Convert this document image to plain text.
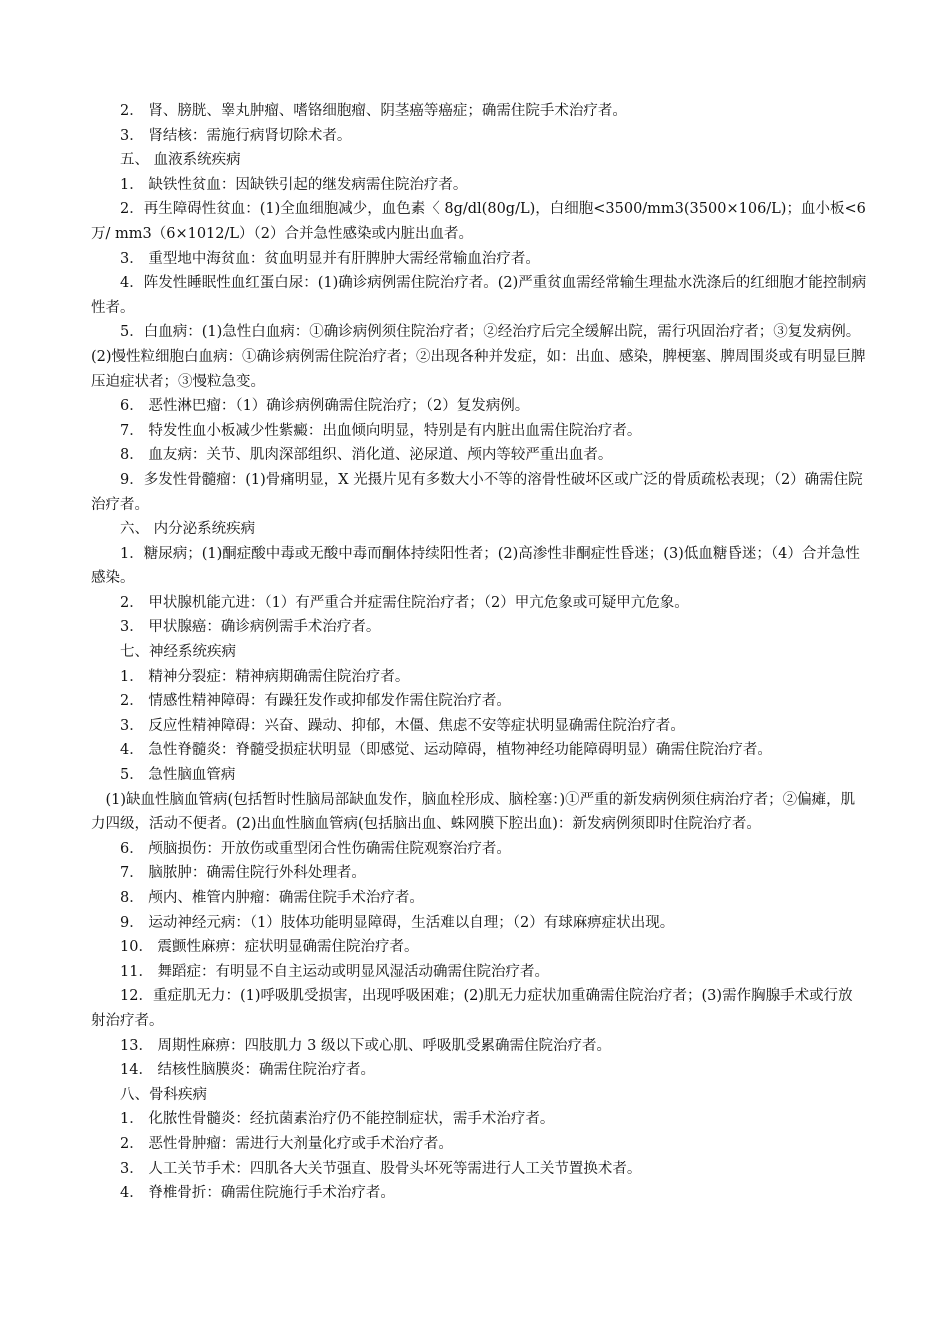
2． 肾、膀胱、睾丸肿瘤、嗜铬细胞瘤、阴茎癌等癌症；确需住院手术治疗者。

3． 肾结核：需施行病肾切除术者。

五、 血液系统疾病

1． 缺铁性贫血：因缺铁引起的继发病需住院治疗者。

2．再生障碍性贫血：(1)全血细胞减少，血色素〈 8g/dl(80g/L)，白细胞<3500/mm3(3500×106/L)；血小板<6 万/ mm3（6×1012/L）（2）合并急性感染或内脏出血者。

3． 重型地中海贫血：贫血明显并有肝脾肿大需经常输血治疗者。

4．阵发性睡眠性血红蛋白尿：(1)确诊病例需住院治疗者。(2)严重贫血需经常输生理盐水洗涤后的红细胞才能控制病性者。

5．白血病：(1)急性白血病：①确诊病例须住院治疗者；②经治疗后完全缓解出院，需行巩固治疗者；③复发病例。(2)慢性粒细胞白血病：①确诊病例需住院治疗者；②出现各种并发症，如：出血、感染，脾梗塞、脾周围炎或有明显巨脾压迫症状者；③慢粒急变。

6． 恶性淋巴瘤：（1）确诊病例确需住院治疗；（2）复发病例。

7． 特发性血小板减少性紫癜：出血倾向明显，特别是有内脏出血需住院治疗者。

8． 血友病：关节、肌肉深部组织、消化道、泌尿道、颅内等较严重出血者。

9．多发性骨髓瘤：(1)骨痛明显，X 光摄片见有多数大小不等的溶骨性破坏区或广泛的骨质疏松表现；（2）确需住院治疗者。

六、 内分泌系统疾病

1．糖尿病；(1)酮症酸中毒或无酸中毒而酮体持续阳性者；(2)高渗性非酮症性昏迷；(3)低血糖昏迷；（4）合并急性感染。

2． 甲状腺机能亢进：（1）有严重合并症需住院治疗者；（2）甲亢危象或可疑甲亢危象。

3． 甲状腺癌：确诊病例需手术治疗者。

七、神经系统疾病

1． 精神分裂症：精神病期确需住院治疗者。

2． 情感性精神障碍：有躁狂发作或抑郁发作需住院治疗者。

3． 反应性精神障碍：兴奋、躁动、抑郁，木僵、焦虑不安等症状明显确需住院治疗者。

4． 急性脊髓炎：脊髓受损症状明显（即感觉、运动障碍，植物神经功能障碍明显）确需住院治疗者。

5． 急性脑血管病

(1)缺血性脑血管病(包括暂时性脑局部缺血发作，脑血栓形成、脑栓塞：)①严重的新发病例须住病治疗者；②偏瘫，肌力四级，活动不便者。(2)出血性脑血管病(包括脑出血、蛛网膜下腔出血)：新发病例须即时住院治疗者。

6． 颅脑损伤：开放伤或重型闭合性伤确需住院观察治疗者。

7． 脑脓肿：确需住院行外科处理者。

8． 颅内、椎管内肿瘤：确需住院手术治疗者。

9． 运动神经元病：（1）肢体功能明显障碍，生活难以自理；（2）有球麻痹症状出现。

10． 震颤性麻痹：症状明显确需住院治疗者。

11． 舞蹈症：有明显不自主运动或明显风湿活动确需住院治疗者。

12．重症肌无力：(1)呼吸肌受损害，出现呼吸困难；(2)肌无力症状加重确需住院治疗者；(3)需作胸腺手术或行放射治疗者。

13． 周期性麻痹：四肢肌力 3 级以下或心肌、呼吸肌受累确需住院治疗者。

14． 结核性脑膜炎：确需住院治疗者。

八、骨科疾病

1． 化脓性骨髓炎：经抗菌素治疗仍不能控制症状，需手术治疗者。

2． 恶性骨肿瘤：需进行大剂量化疗或手术治疗者。

3． 人工关节手术：四肌各大关节强直、股骨头坏死等需进行人工关节置换术者。

4． 脊椎骨折：确需住院施行手术治疗者。
